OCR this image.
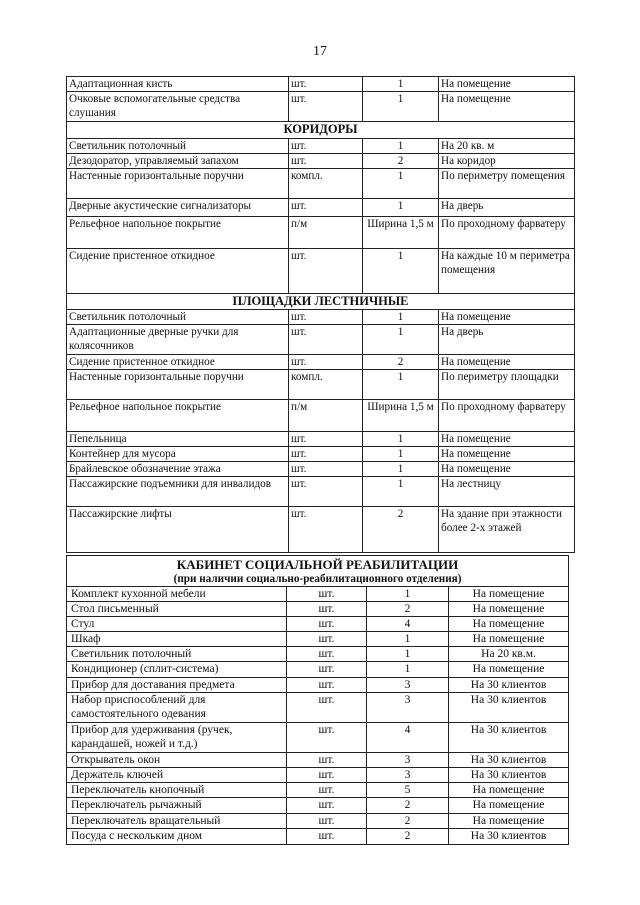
17
Адаптационная кисть	шт.	1	На помещение
Очковые вспомогательные средства слушания	шт.	1	На помещение
КОРИДОРЫ			
Светильник потолочный	шт.	1	На 20 кв. м
Дезодоратор, управляемый запахом	шт.	2	На коридор
Настенные горизонтальные поручни	компл.	1	По периметру помещения
Дверные акустические сигнализаторы	шт.	1	На дверь
Рельефное напольное покрытие	п/м	Ширина 1,5 м	По проходному фарватеру
Сидение пристенное откидное	шт.	1	На каждые 10 м периметра помещения
ПЛОЩАДКИ ЛЕСТНИЧНЫЕ			
Светильник потолочный	шт.	1	На помещение
Адаптационные дверные ручки для колясочников	шт.	1	На дверь
Сидение пристенное откидное	шт.	2	На помещение
Настенные горизонтальные поручни	компл.	1	По периметру площадки
Рельефное напольное покрытие	п/м	Ширина 1,5 м	По проходному фарватеру
Пепельница	шт.	1	На помещение
Контейнер для мусора	шт.	1	На помещение
Брайлевское обозначение этажа	шт.	1	На помещение
Пассажирские подъемники для инвалидов	шт.	1	На лестницу
Пассажирские лифты	шт.	2	На здание при этажности более 2-х этажей
КАБИНЕТ СОЦИАЛЬНОЙ РЕАБИЛИТАЦИИ
(при наличии социально-реабилитационного отделения)			

Комплект кухонной мебели	шт.	1	На помещение
Стол письменный	шт.	2	На помещение
Стул	шт.	4	На помещение
Шкаф	шт.	1	На помещение
Светильник потолочный	шт.	1	На 20 кв.м.
Кондиционер (сплит-система)	шт.	1	На помещение
Прибор для доставания предмета	шт.	3	На 30 клиентов
Набор приспособлений для самостоятельного одевания	шт.	3	На 30 клиентов
Прибор для удерживания (ручек, карандашей, ножей и т.д.)	шт.	4	На 30 клиентов
Открыватель окон	шт.	3	На 30 клиентов
Держатель ключей	шт.	3	На 30 клиентов
Переключатель кнопочный	шт.	5	На помещение
Переключатель рычажный	шт.	2	На помещение
Переключатель вращательный	шт.	2	На помещение
Посуда с нескольким дном	шт.	2	На 30 клиентов
